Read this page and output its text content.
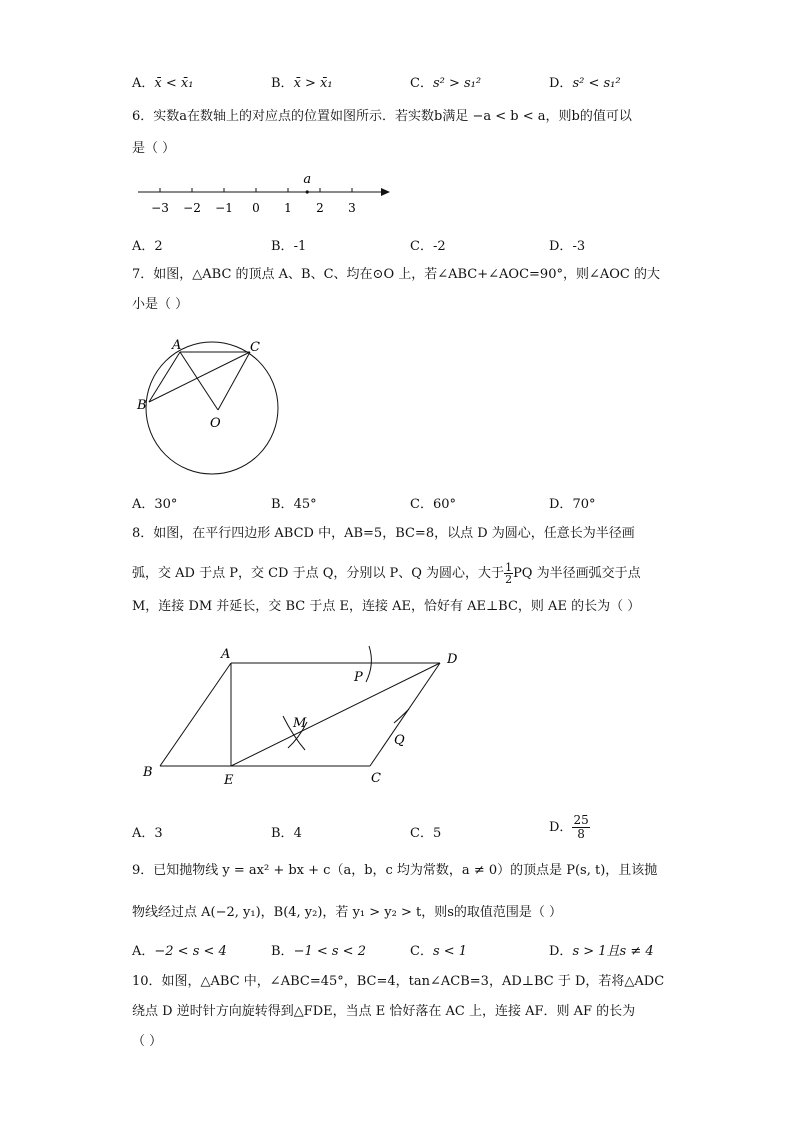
A．x̄ < x̄₁	B．x̄ > x̄₁	C．s² > s₁²	D．s² < s₁²
6．实数a在数轴上的对应点的位置如图所示．若实数b满足 −a < b < a，则b的值可以
是（ ）
−3 −2 −1 0 1 2 3
a
A．2	B．-1	C．-2	D．-3
7．如图，△ABC 的顶点 A、B、C、均在⊙O 上，若∠ABC+∠AOC=90°，则∠AOC 的大
小是（ ）
A	C
B
O
A．30°	B．45°	C．60°	D．70°
8．如图，在平行四边形 ABCD 中，AB=5，BC=8，以点 D 为圆心，任意长为半径画
弧，交 AD 于点 P，交 CD 于点 Q，分别以 P、Q 为圆心，大于 $\frac{1}{2}$ PQ 为半径画弧交于点
M，连接 DM 并延长，交 BC 于点 E，连接 AE，恰好有 AE⊥BC，则 AE 的长为（ ）
A	D
B
E	C
P
Q
M
A．3	B．4	C．5	D． $\frac{25}{8}$
9．已知抛物线 y = ax² + bx + c（a，b，c 均为常数，a ≠ 0）的顶点是 P(s, t)，且该抛
物线经过点 A(−2, y₁)，B(4, y₂)，若 y₁ > y₂ > t，则s的取值范围是（ ）
A．−2 < s < 4	B．−1 < s < 2	C．s < 1	D．s > 1且s ≠ 4
10．如图，△ABC 中，∠ABC=45°，BC=4，tan∠ACB=3，AD⊥BC 于 D，若将△ADC
绕点 D 逆时针方向旋转得到△FDE，当点 E 恰好落在 AC 上，连接 AF．则 AF 的长为
（ ）
